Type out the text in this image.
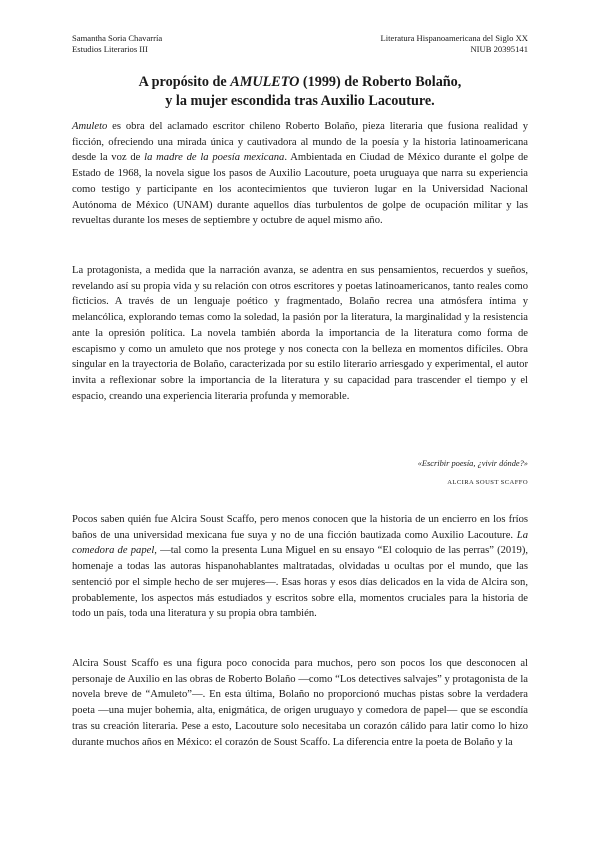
Samantha Soria Chavarría
Estudios Literarios III
Literatura Hispanoamericana del Siglo XX
NIUB 20395141
A propósito de AMULETO (1999) de Roberto Bolaño,
y la mujer escondida tras Auxilio Lacouture.

Amuleto es obra del aclamado escritor chileno Roberto Bolaño, pieza literaria que fusiona realidad y ficción, ofreciendo una mirada única y cautivadora al mundo de la poesía y la historia latinoamericana desde la voz de la madre de la poesía mexicana. Ambientada en Ciudad de México durante el golpe de Estado de 1968, la novela sigue los pasos de Auxilio Lacouture, poeta uruguaya que narra su experiencia como testigo y participante en los acontecimientos que tuvieron lugar en la Universidad Nacional Autónoma de México (UNAM) durante aquellos días turbulentos de golpe de ocupación militar y las revueltas durante los meses de septiembre y octubre de aquel mismo año.

La protagonista, a medida que la narración avanza, se adentra en sus pensamientos, recuerdos y sueños, revelando así su propia vida y su relación con otros escritores y poetas latinoamericanos, tanto reales como ficticios. A través de un lenguaje poético y fragmentado, Bolaño recrea una atmósfera íntima y melancólica, explorando temas como la soledad, la pasión por la literatura, la marginalidad y la resistencia ante la opresión política. La novela también aborda la importancia de la literatura como forma de escapismo y como un amuleto que nos protege y nos conecta con la belleza en momentos difíciles. Obra singular en la trayectoria de Bolaño, caracterizada por su estilo literario arriesgado y experimental, el autor invita a reflexionar sobre la importancia de la literatura y su capacidad para trascender el tiempo y el espacio, creando una experiencia literaria profunda y memorable.

«Escribir poesía, ¿vivir dónde?»
ALCIRA SOUST SCAFFO

Pocos saben quién fue Alcira Soust Scaffo, pero menos conocen que la historia de un encierro en los fríos baños de una universidad mexicana fue suya y no de una ficción bautizada como Auxilio Lacouture. La comedora de papel, —tal como la presenta Luna Miguel en su ensayo “El coloquio de las perras” (2019), homenaje a todas las autoras hispanohablantes maltratadas, olvidadas u ocultas por el mundo, que las sentenció por el simple hecho de ser mujeres—. Esas horas y esos días delicados en la vida de Alcira son, probablemente, los aspectos más estudiados y escritos sobre ella, momentos cruciales para la historia de todo un país, toda una literatura y su propia obra también.

Alcira Soust Scaffo es una figura poco conocida para muchos, pero son pocos los que desconocen al personaje de Auxilio en las obras de Roberto Bolaño —como “Los detectives salvajes” y protagonista de la novela breve de “Amuleto”—. En esta última, Bolaño no proporcionó muchas pistas sobre la verdadera poeta —una mujer bohemia, alta, enigmática, de origen uruguayo y comedora de papel— que se escondía tras su creación literaria. Pese a esto, Lacouture solo necesitaba un corazón cálido para latir como lo hizo durante muchos años en México: el corazón de Soust Scaffo. La diferencia entre la poeta de Bolaño y la
